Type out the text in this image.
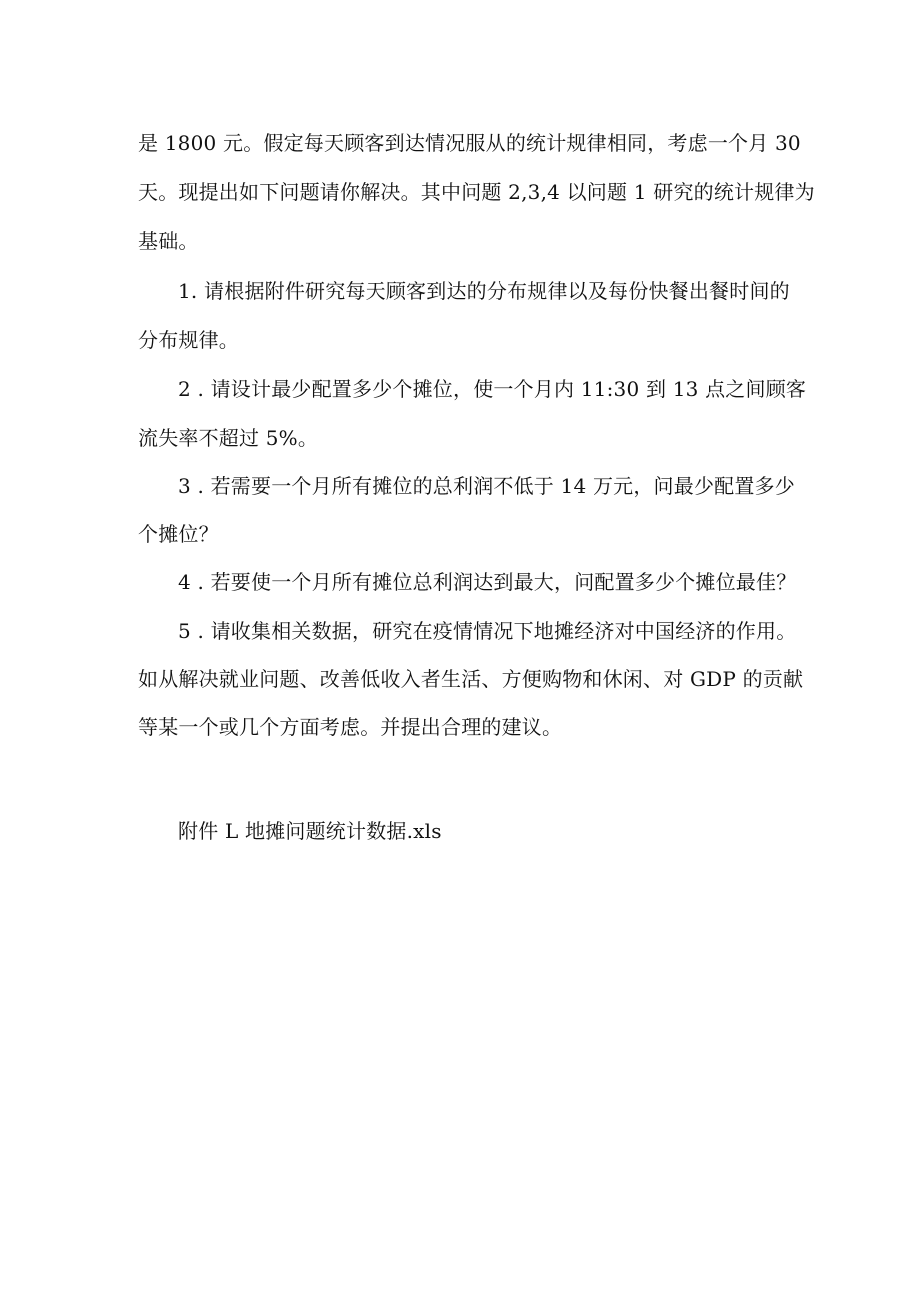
是 1800 元。假定每天顾客到达情况服从的统计规律相同，考虑一个月 30
天。现提出如下问题请你解决。其中问题 2,3,4 以问题 1 研究的统计规律为
基础。
1. 请根据附件研究每天顾客到达的分布规律以及每份快餐出餐时间的
分布规律。
2 . 请设计最少配置多少个摊位，使一个月内 11:30 到 13 点之间顾客
流失率不超过 5%。
3 . 若需要一个月所有摊位的总利润不低于 14 万元，问最少配置多少
个摊位？
4 . 若要使一个月所有摊位总利润达到最大，问配置多少个摊位最佳？
5 . 请收集相关数据，研究在疫情情况下地摊经济对中国经济的作用。
如从解决就业问题、改善低收入者生活、方便购物和休闲、对 GDP 的贡献
等某一个或几个方面考虑。并提出合理的建议。
附件 L 地摊问题统计数据.xls
